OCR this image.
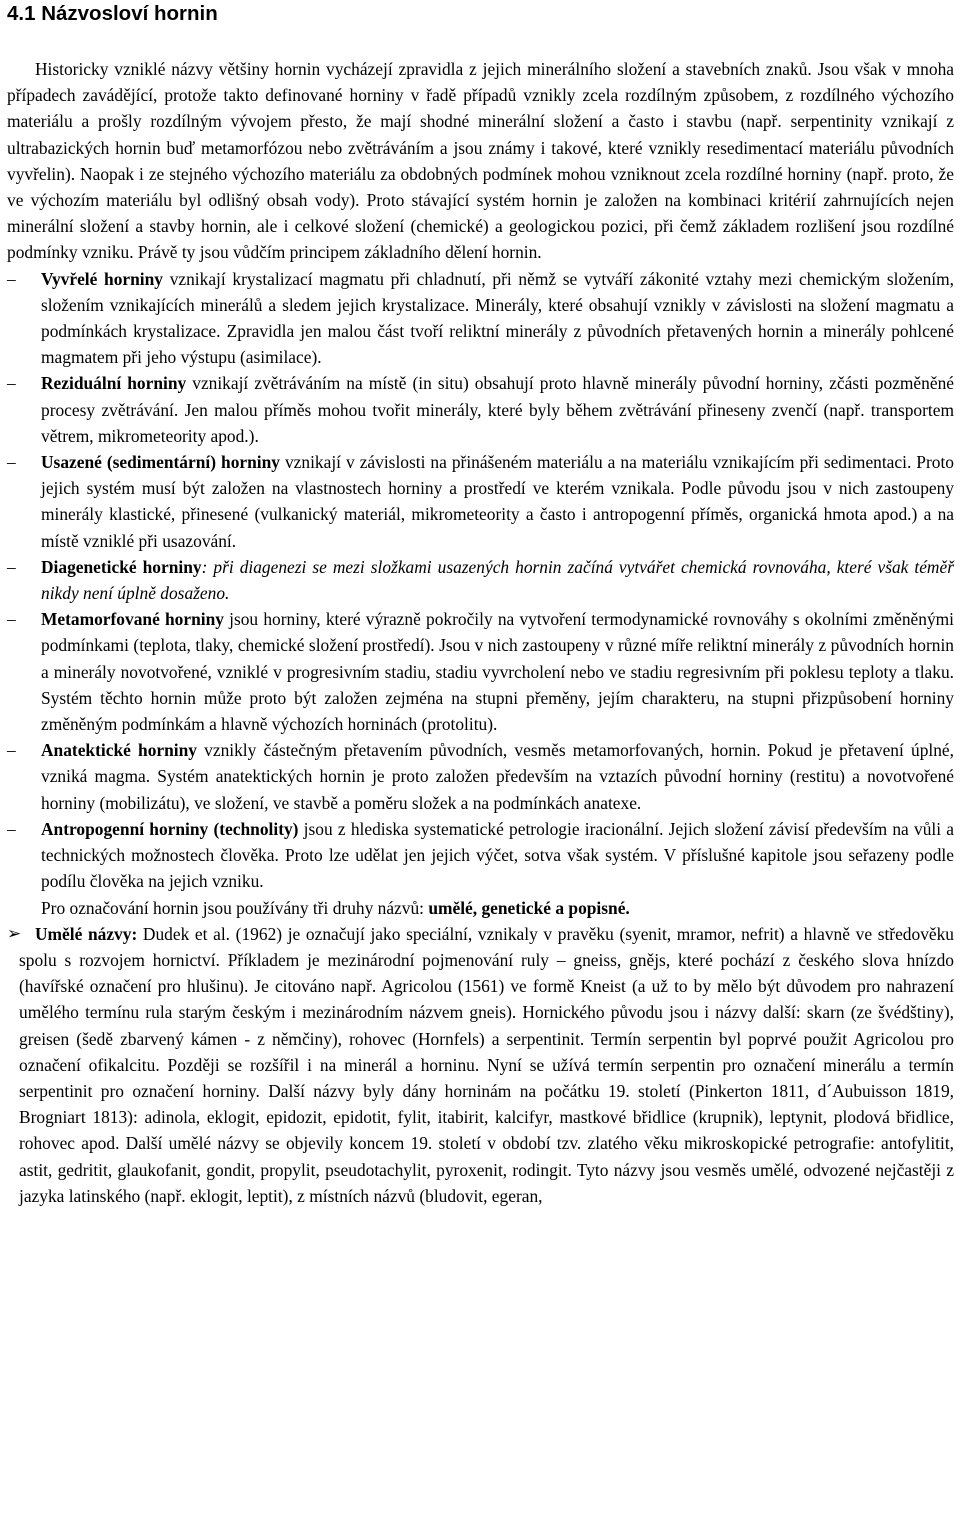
4.1 Názvosloví hornin

Historicky vzniklé názvy většiny hornin vycházejí zpravidla z jejich minerálního složení a stavebních znaků. Jsou však v mnoha případech zavádějící, protože takto definované horniny v řadě případů vznikly zcela rozdílným způsobem, z rozdílného výchozího materiálu a prošly rozdílným vývojem přesto, že mají shodné minerální složení a často i stavbu (např. serpentinity vznikají z ultrabazických hornin buď metamorfózou nebo zvětráváním a jsou známy i takové, které vznikly resedimentací materiálu původních vyvřelin). Naopak i ze stejného výchozího materiálu za obdobných podmínek mohou vzniknout zcela rozdílné horniny (např. proto, že ve výchozím materiálu byl odlišný obsah vody). Proto stávající systém hornin je založen na kombinaci kritérií zahrnujících nejen minerální složení a stavby hornin, ale i celkové složení (chemické) a geologickou pozici, při čemž základem rozlišení jsou rozdílné podmínky vzniku. Právě ty jsou vůdčím principem základního dělení hornin.

– Vyvřelé horniny vznikají krystalizací magmatu při chladnutí, při němž se vytváří zákonité vztahy mezi chemickým složením, složením vznikajících minerálů a sledem jejich krystalizace. Minerály, které obsahují vznikly v závislosti na složení magmatu a podmínkách krystalizace. Zpravidla jen malou část tvoří reliktní minerály z původních přetavených hornin a minerály pohlcené magmatem při jeho výstupu (asimilace).

– Reziduální horniny vznikají zvětráváním na místě (in situ) obsahují proto hlavně minerály původní horniny, zčásti pozměněné procesy zvětrávání. Jen malou příměs mohou tvořit minerály, které byly během zvětrávání přineseny zvenčí (např. transportem větrem, mikrometeority apod.).

– Usazené (sedimentární) horniny vznikají v závislosti na přinášeném materiálu a na materiálu vznikajícím při sedimentaci. Proto jejich systém musí být založen na vlastnostech horniny a prostředí ve kterém vznikala. Podle původu jsou v nich zastoupeny minerály klastické, přinesené (vulkanický materiál, mikrometeority a často i antropogenní příměs, organická hmota apod.) a na místě vzniklé při usazování.

– Diagenetické horniny: při diagenezi se mezi složkami usazených hornin začíná vytvářet chemická rovnováha, které však téměř nikdy není úplně dosaženo.

– Metamorfované horniny jsou horniny, které výrazně pokročily na vytvoření termodynamické rovnováhy s okolními změněnými podmínkami (teplota, tlaky, chemické složení prostředí). Jsou v nich zastoupeny v různé míře reliktní minerály z původních hornin a minerály novotvořené, vzniklé v progresivním stadiu, stadiu vyvrcholení nebo ve stadiu regresivním při poklesu teploty a tlaku. Systém těchto hornin může proto být založen zejména na stupni přeměny, jejím charakteru, na stupni přizpůsobení horniny změněným podmínkám a hlavně výchozích horninách (protolitu).

– Anatektické horniny vznikly částečným přetavením původních, vesměs metamorfovaných, hornin. Pokud je přetavení úplné, vzniká magma. Systém anatektických hornin je proto založen především na vztazích původní horniny (restitu) a novotvořené horniny (mobilizátu), ve složení, ve stavbě a poměru složek a na podmínkách anatexe.

– Antropogenní horniny (technolity) jsou z hlediska systematické petrologie iracionální. Jejich složení závisí především na vůli a technických možnostech člověka. Proto lze udělat jen jejich výčet, sotva však systém. V příslušné kapitole jsou seřazeny podle podílu člověka na jejich vzniku.

Pro označování hornin jsou používány tři druhy názvů: umělé, genetické a popisné.

➢ Umělé názvy: Dudek et al. (1962) je označují jako speciální, vznikaly v pravěku (syenit, mramor, nefrit) a hlavně ve středověku spolu s rozvojem hornictví. Příkladem je mezinárodní pojmenování ruly – gneiss, gnějs, které pochází z českého slova hnízdo (havířské označení pro hlušinu). Je citováno např. Agricolou (1561) ve formě Kneist (a už to by mělo být důvodem pro nahrazení umělého termínu rula starým českým i mezinárodním názvem gneis). Hornického původu jsou i názvy další: skarn (ze švédštiny), greisen (šedě zbarvený kámen - z němčiny), rohovec (Hornfels) a serpentinit. Termín serpentin byl poprvé použit Agricolou pro označení ofikalcitu. Později se rozšířil i na minerál a horninu. Nyní se užívá termín serpentin pro označení minerálu a termín serpentinit pro označení horniny. Další názvy byly dány horninám na počátku 19. století (Pinkerton 1811, d´Aubuisson 1819, Brogniart 1813): adinola, eklogit, epidozit, epidotit, fylit, itabirit, kalcifyr, mastkové břidlice (krupnik), leptynit, plodová břidlice, rohovec apod. Další umělé názvy se objevily koncem 19. století v období tzv. zlatého věku mikroskopické petrografie: antofylitit, astit, gedritit, glaukofanit, gondit, propylit, pseudotachylit, pyroxenit, rodingit. Tyto názvy jsou vesměs umělé, odvozené nejčastěji z jazyka latinského (např. eklogit, leptit), z místních názvů (bludovit, egeran,
